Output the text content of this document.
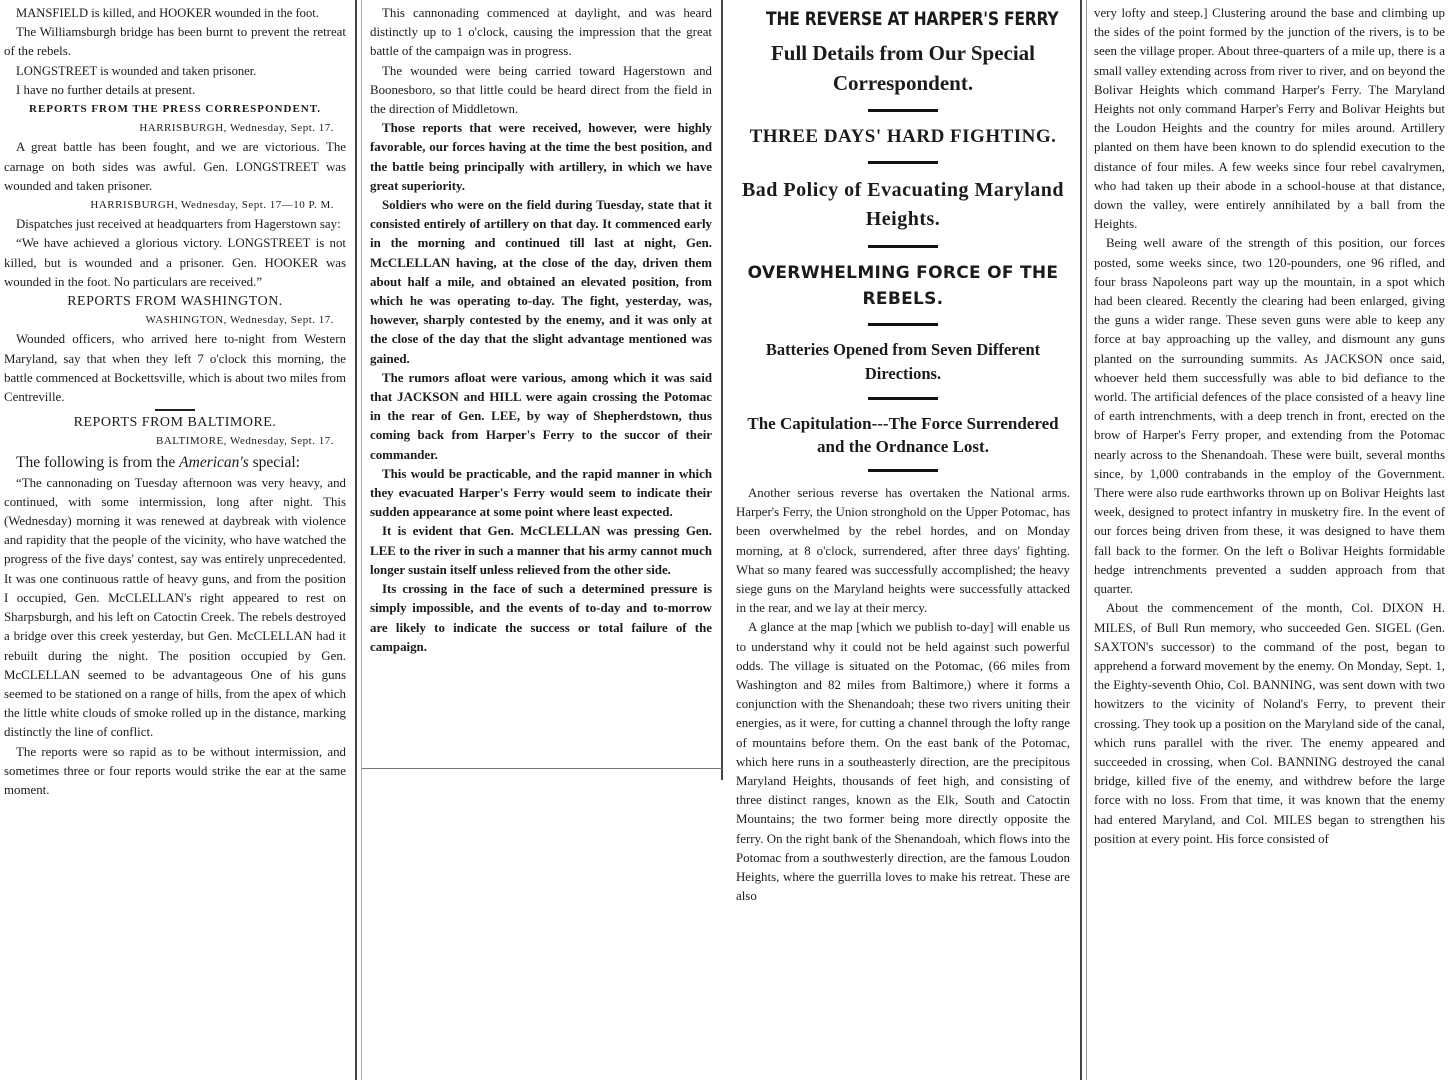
MANSFIELD is killed, and HOOKER wounded in the foot.

The Williamsburgh bridge has been burnt to prevent the retreat of the rebels.

LONGSTREET is wounded and taken prisoner.

I have no further details at present.

REPORTS FROM THE PRESS CORRESPONDENT.

HARRISBURGH, Wednesday, Sept. 17.

A great battle has been fought, and we are victorious. The carnage on both sides was awful. Gen. LONGSTREET was wounded and taken prisoner.

HARRISBURGH, Wednesday, Sept. 17—10 P. M.

Dispatches just received at headquarters from Hagerstown say:

“We have achieved a glorious victory. LONGSTREET is not killed, but is wounded and a prisoner. Gen. HOOKER was wounded in the foot. No particulars are received.”

REPORTS FROM WASHINGTON.

WASHINGTON, Wednesday, Sept. 17.

Wounded officers, who arrived here to-night from Western Maryland, say that when they left 7 o'clock this morning, the battle commenced at Bockettsville, which is about two miles from Centreville.

REPORTS FROM BALTIMORE.

BALTIMORE, Wednesday, Sept. 17.

The following is from the American's special:

“The cannonading on Tuesday afternoon was very heavy, and continued, with some intermission, long after night. This (Wednesday) morning it was renewed at daybreak with violence and rapidity that the people of the vicinity, who have watched the progress of the five days' contest, say was entirely unprecedented. It was one continuous rattle of heavy guns, and from the position I occupied, Gen. McCLELLAN's right appeared to rest on Sharpsburgh, and his left on Catoctin Creek. The rebels destroyed a bridge over this creek yesterday, but Gen. McCLELLAN had it rebuilt during the night. The position occupied by Gen. McCLELLAN seemed to be advantageous One of his guns seemed to be stationed on a range of hills, from the apex of which the little white clouds of smoke rolled up in the distance, marking distinctly the line of conflict.

The reports were so rapid as to be without intermission, and sometimes three or four reports would strike the ear at the same moment.

This cannonading commenced at daylight, and was heard distinctly up to 1 o'clock, causing the impression that the great battle of the campaign was in progress.

The wounded were being carried toward Hagerstown and Boonesboro, so that little could be heard direct from the field in the direction of Middletown.

Those reports that were received, however, were highly favorable, our forces having at the time the best position, and the battle being principally with artillery, in which we have great superiority.

Soldiers who were on the field during Tuesday, state that it consisted entirely of artillery on that day. It commenced early in the morning and continued till last at night, Gen. McCLELLAN having, at the close of the day, driven them about half a mile, and obtained an elevated position, from which he was operating to-day. The fight, yesterday, was, however, sharply contested by the enemy, and it was only at the close of the day that the slight advantage mentioned was gained.

The rumors afloat were various, among which it was said that JACKSON and HILL were again crossing the Potomac in the rear of Gen. LEE, by way of Shepherdstown, thus coming back from Harper's Ferry to the succor of their commander.

This would be practicable, and the rapid manner in which they evacuated Harper's Ferry would seem to indicate their sudden appearance at some point where least expected.

It is evident that Gen. McCLELLAN was pressing Gen. LEE to the river in such a manner that his army cannot much longer sustain itself unless relieved from the other side.

Its crossing in the face of such a determined pressure is simply impossible, and the events of to-day and to-morrow are likely to indicate the success or total failure of the campaign.

THE REVERSE AT HARPER'S FERRY

Full Details from Our Special Correspondent.

THREE DAYS' HARD FIGHTING.

Bad Policy of Evacuating Maryland Heights.

OVERWHELMING FORCE OF THE REBELS.

Batteries Opened from Seven Different Directions.

The Capitulation---The Force Surrendered and the Ordnance Lost.

Another serious reverse has overtaken the National arms. Harper's Ferry, the Union stronghold on the Upper Potomac, has been overwhelmed by the rebel hordes, and on Monday morning, at 8 o'clock, surrendered, after three days' fighting. What so many feared was successfully accomplished; the heavy siege guns on the Maryland heights were successfully attacked in the rear, and we lay at their mercy.

A glance at the map [which we publish to-day] will enable us to understand why it could not be held against such powerful odds. The village is situated on the Potomac, (66 miles from Washington and 82 miles from Baltimore,) where it forms a conjunction with the Shenandoah; these two rivers uniting their energies, as it were, for cutting a channel through the lofty range of mountains before them. On the east bank of the Potomac, which here runs in a southeasterly direction, are the precipitous Maryland Heights, thousands of feet high, and consisting of three distinct ranges, known as the Elk, South and Catoctin Mountains; the two former being more directly opposite the ferry. On the right bank of the Shenandoah, which flows into the Potomac from a southwesterly direction, are the famous Loudon Heights, where the guerrilla loves to make his retreat. These are also

very lofty and steep.] Clustering around the base and climbing up the sides of the point formed by the junction of the rivers, is to be seen the village proper. About three-quarters of a mile up, there is a small valley extending across from river to river, and on beyond the Bolivar Heights which command Harper's Ferry. The Maryland Heights not only command Harper's Ferry and Bolivar Heights but the Loudon Heights and the country for miles around. Artillery planted on them have been known to do splendid execution to the distance of four miles. A few weeks since four rebel cavalrymen, who had taken up their abode in a school-house at that distance, down the valley, were entirely annihilated by a ball from the Heights.

Being well aware of the strength of this position, our forces posted, some weeks since, two 120-pounders, one 96 rifled, and four brass Napoleons part way up the mountain, in a spot which had been cleared. Recently the clearing had been enlarged, giving the guns a wider range. These seven guns were able to keep any force at bay approaching up the valley, and dismount any guns planted on the surrounding summits. As JACKSON once said, whoever held them successfully was able to bid defiance to the world. The artificial defences of the place consisted of a heavy line of earth intrenchments, with a deep trench in front, erected on the brow of Harper's Ferry proper, and extending from the Potomac nearly across to the Shenandoah. These were built, several months since, by 1,000 contrabands in the employ of the Government. There were also rude earthworks thrown up on Bolivar Heights last week, designed to protect infantry in musketry fire. In the event of our forces being driven from these, it was designed to have them fall back to the former. On the left o Bolivar Heights formidable hedge intrenchments prevented a sudden approach from that quarter.

About the commencement of the month, Col. DIXON H. MILES, of Bull Run memory, who succeeded Gen. SIGEL (Gen. SAXTON's successor) to the command of the post, began to apprehend a forward movement by the enemy. On Monday, Sept. 1, the Eighty-seventh Ohio, Col. BANNING, was sent down with two howitzers to the vicinity of Noland's Ferry, to prevent their crossing. They took up a position on the Maryland side of the canal, which runs parallel with the river. The enemy appeared and succeeded in crossing, when Col. BANNING destroyed the canal bridge, killed five of the enemy, and withdrew before the large force with no loss. From that time, it was known that the enemy had entered Maryland, and Col. MILES began to strengthen his position at every point. His force consisted of
